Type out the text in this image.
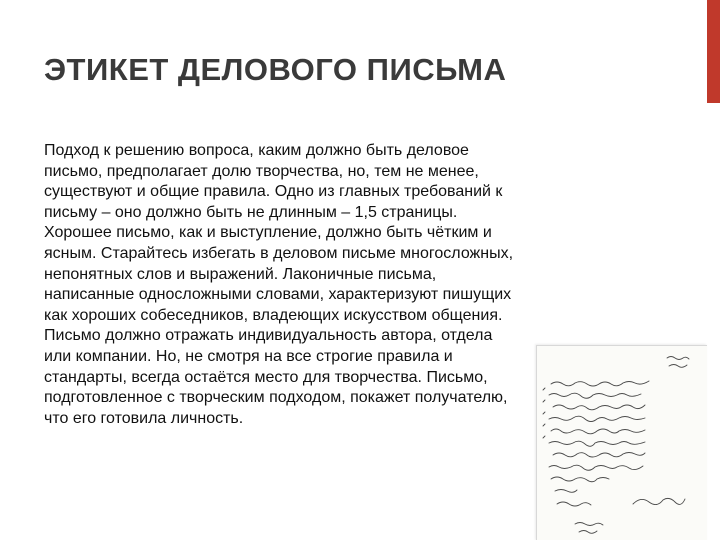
ЭТИКЕТ ДЕЛОВОГО ПИСЬМА

Подход к решению вопроса, каким должно быть деловое письмо, предполагает долю творчества, но, тем не менее, существуют и общие правила. Одно из главных требований к письму – оно должно быть не длинным – 1,5 страницы. Хорошее письмо, как и выступление, должно быть чётким и ясным. Старайтесь избегать в деловом письме многосложных, непонятных слов и выражений. Лаконичные письма, написанные односложными словами, характеризуют пишущих как хороших собеседников, владеющих искусством общения. Письмо должно отражать индивидуальность автора, отдела или компании. Но, не смотря на все строгие правила и стандарты, всегда остаётся место для творчества. Письмо, подготовленное с творческим подходом, покажет получателю, что его готовила личность.
